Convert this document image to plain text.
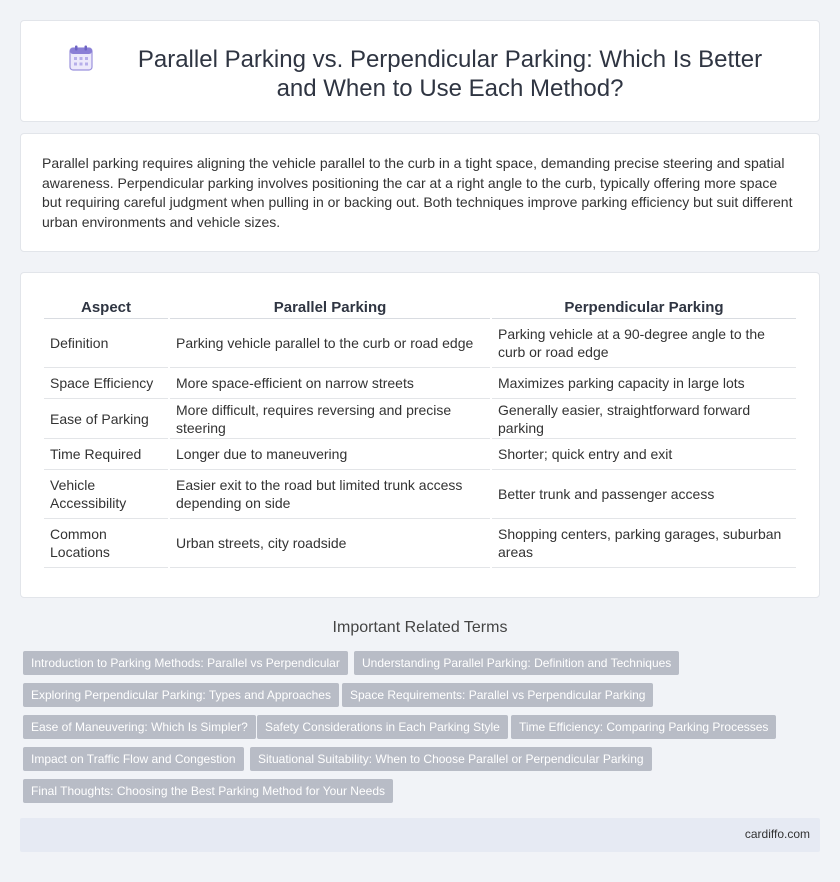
Parallel Parking vs. Perpendicular Parking: Which Is Better and When to Use Each Method?

Parallel parking requires aligning the vehicle parallel to the curb in a tight space, demanding precise steering and spatial awareness. Perpendicular parking involves positioning the car at a right angle to the curb, typically offering more space but requiring careful judgment when pulling in or backing out. Both techniques improve parking efficiency but suit different urban environments and vehicle sizes.

Aspect	Parallel Parking	Perpendicular Parking
Definition	Parking vehicle parallel to the curb or road edge	Parking vehicle at a 90-degree angle to the curb or road edge
Space Efficiency	More space-efficient on narrow streets	Maximizes parking capacity in large lots
Ease of Parking	More difficult, requires reversing and precise steering	Generally easier, straightforward forward parking
Time Required	Longer due to maneuvering	Shorter; quick entry and exit
Vehicle Accessibility	Easier exit to the road but limited trunk access depending on side	Better trunk and passenger access
Common Locations	Urban streets, city roadside	Shopping centers, parking garages, suburban areas
Important Related Terms
Introduction to Parking Methods: Parallel vs Perpendicular	Understanding Parallel Parking: Definition and Techniques
Exploring Perpendicular Parking: Types and Approaches	Space Requirements: Parallel vs Perpendicular Parking
Ease of Maneuvering: Which Is Simpler?	Safety Considerations in Each Parking Style	Time Efficiency: Comparing Parking Processes
Impact on Traffic Flow and Congestion	Situational Suitability: When to Choose Parallel or Perpendicular Parking
Final Thoughts: Choosing the Best Parking Method for Your Needs
cardiffo.com
